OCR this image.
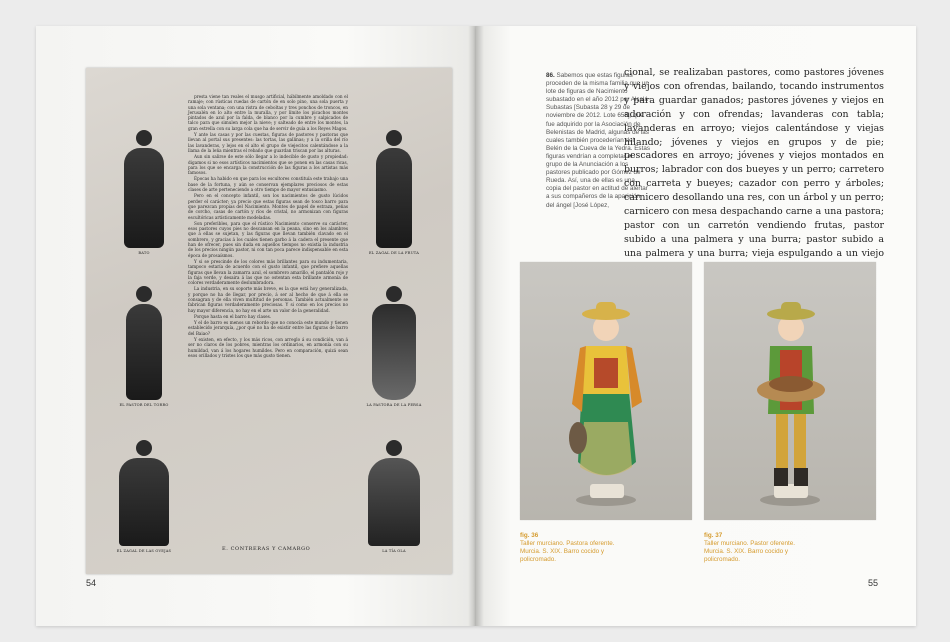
BATO
EL PASTOR DEL TORRO
EL ZAGAL DE LAS OVEJAS

presta viene tan reales el musgo artificial, hábilmente amoldado con el ramaje; con rústicas ruedas de cartón de en solo pino, una sola puerta y una sola ventana; con una ristra de ceboltas y tres ponchos de troncos, en Jerusalén en lo alto entre la muralla, y por límite los picachos montes pintados de azul por la falda, de blanco por la cumbre y salpicados de talco para que simulen mejor la nieve; y salteado de entre los montes, la gran estrella con su larga cola que ha de servir de guía a los Reyes Magos.

Y ante las casas y por las cuestas, figuras de pastores y pastoras que llevan al portal sus presentes: las tortas, las gallinas; y a la orilla del río las lavanderas, y lejos en el alto el grupo de viejecitos calentándose a la llama de la leña mientras el rebaño que guardan triscan por las alturas.

Aun sin salirse de este sólo llegar a lo indecible de gusto y propiedad: digamos si no esos artísticos nacimientos que se ponen en las casas ricas, para los que se encarga la construcción de las figuras a los artistas más famosos.

Épocas ha habido en que para los escultores constituía este trabajo una base de la fortuna, y aún se conservan ejemplares preciosos de estas clases de arte perteneciendo a otro tiempo de mayor entusiasmo.

Pero en el concepto infantil, son los nacimientos de gusto lúcidos perder el carácter; ya precio que estas figuras sean de tosco barro para que parezcan propias del Nacimiento. Montes de papel de estraza, peñas de corcho, casas de cartón y ríos de cristal, no armonizan con figuras escultóricas artísticamente modeladas.

Son preferibles, para que el rústico Nacimiento conserve su carácter, esos pastores cuyos pies no descansan en la peana, sino en los alambres que á ellas se sujetan, y las figuras que llevan también clavado en el sombrero, y gracias á los cuales tienen garbo á la cadera el presente que han de ofrecer, pues sin duda en aquellos tiempos no existía la industria de los precios ningún pastor, ni con tan poca parece indispensable en esta época de prosaísmos.

Y si se prescinde de los colores más brillantes para su indumentaria, tampoco estaría de acuerdo con el gusto infantil, que prefiere aquellas figuras que llevan la zamarra azul, el sombrero amarillo, el pantalón rojo y la faja verde, y desaira á las que no ostentan esta brillante armonía de colores verdaderamente deslumbradora.

La industria, en su soporte más breve, es la que está hoy generalizada, y porque no ha de llegar, por precio, á ser al hecho de que á ella se consagran y de ella viven multitud de personas. También actualmente se fabrican figuras verdaderamente preciosas. Y si como en los precios no hay mayor diferencia, no hay en el arte un valor de la generalidad.

Porque hasta en el barro hay clases.

Y el de barro es menos un reborde que no conocía este mundo y tienen establecido jerarquía, ¿por qué no ha de existir entre las figuras de barro del Baiao?

Y existen, en efecto, y los más ricos, con arreglo á su condición, van á ser no claros de los pobres, mientras los ordinarios, en armonía con su humildad, van á los hogares humildes. Pero en comparación, quizá sean esos orillados y tristes los que más gusto tienen.

E. CONTRERAS Y CAMARGO
EL ZAGAL DE LA FRUTA
LA PASTORA DE LA PERSA
LA TÍA OLA
54
86. Sabemos que estas figuras proceden de la misma familia que un lote de figuras de Nacimiento subastado en el año 2012 por Alcalá Subastas [Subasta 28 y 29 de noviembre de 2012. Lote 658], que fue adquirido por la Asociación de Belenistas de Madrid, algunas de las cuales también procederían del Belén de la Cueva de la Yedra. Estas figuras vendrían a completar el grupo de la Anunciación a los pastores publicado por Gómez de Rueda. Así, una de ellas es una copia del pastor en actitud de alertar a sus compañeros de la aparición del ángel [José López,
cional, se realizaban pastores, como pastores jóvenes y viejos con ofrendas, bailando, tocando instrumentos y para guardar ganados; pastores jóvenes y viejos en adoración y con ofrendas; lavanderas con tabla; lavanderas en arroyo; viejos calentándose y viejas hilando; jóvenes y viejos en grupos y de pie; pescadores en arroyo; jóvenes y viejos montados en burros; labrador con dos bueyes y un perro; carretero con carreta y bueyes; cazador con perro y árboles; carnicero desollando una res, con un árbol y un perro; carnicero con mesa despachando carne a una pastora; pastor con un carretón vendiendo frutas, pastor subido a una palmera y una burra; pastor subido a una palmera y una burra; vieja espulgando a un viejo
fig. 36
Taller murciano. Pastora oferente. Murcia. S. XIX. Barro cocido y policromado.
fig. 37
Taller murciano. Pastor oferente. Murcia. S. XIX. Barro cocido y policromado.
55
